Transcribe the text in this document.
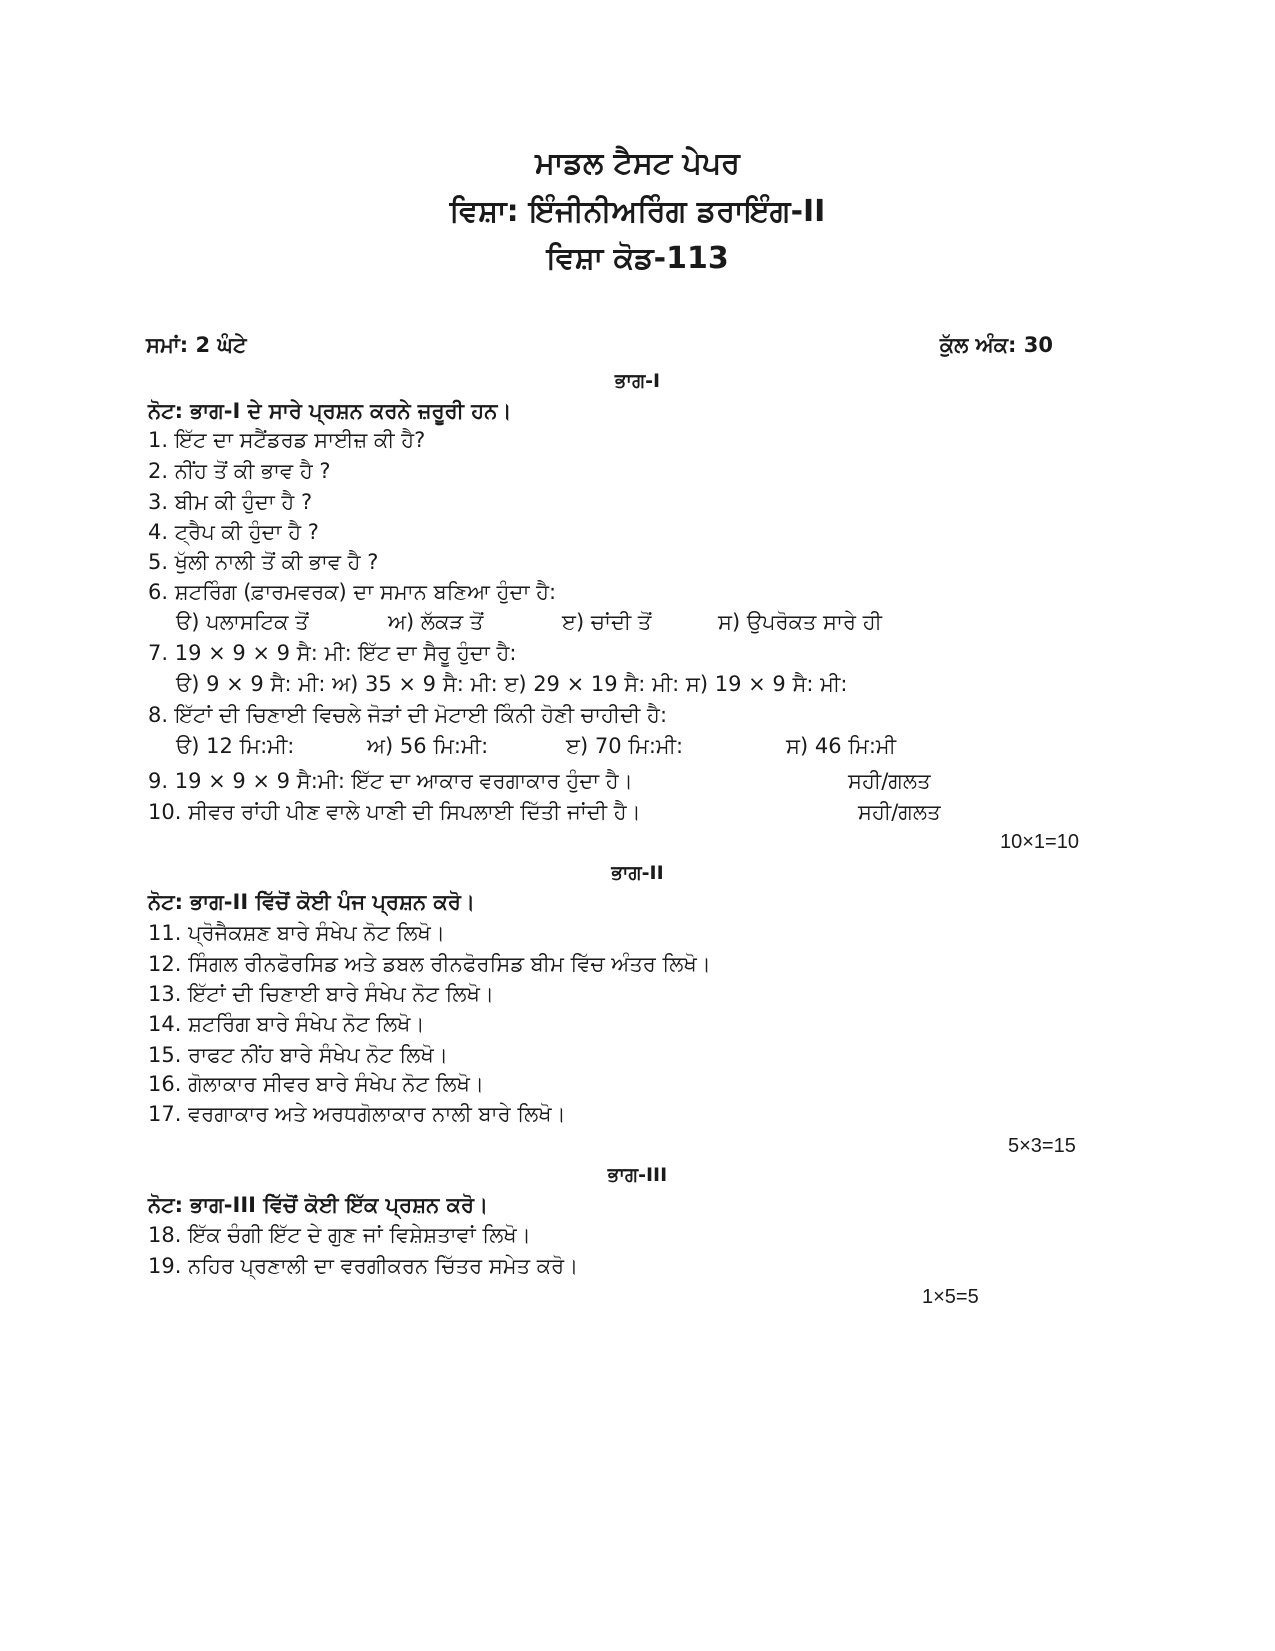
ਮਾਡਲ ਟੈਸਟ ਪੇਪਰ
ਵਿਸ਼ਾ: ਇੰਜੀਨੀਅਰਿੰਗ ਡਰਾਇੰਗ-II
ਵਿਸ਼ਾ ਕੋਡ-113
ਸਮਾਂ: 2 ਘੰਟੇ	ਕੁੱਲ ਅੰਕ: 30
ਭਾਗ-I
ਨੋਟ: ਭਾਗ-I ਦੇ ਸਾਰੇ ਪ੍ਰਸ਼ਨ ਕਰਨੇ ਜ਼ਰੂਰੀ ਹਨ।
1. ਇੱਟ ਦਾ ਸਟੈਂਡਰਡ ਸਾਈਜ਼ ਕੀ ਹੈ?
2. ਨੀਂਹ ਤੋਂ ਕੀ ਭਾਵ ਹੈ ?
3. ਬੀਮ ਕੀ ਹੁੰਦਾ ਹੈ ?
4. ਟ੍ਰੈਪ ਕੀ ਹੁੰਦਾ ਹੈ ?
5. ਖੁੱਲੀ ਨਾਲੀ ਤੋਂ ਕੀ ਭਾਵ ਹੈ ?
6. ਸ਼ਟਰਿੰਗ (ਫ਼ਾਰਮਵਰਕ) ਦਾ ਸਮਾਨ ਬਣਿਆ ਹੁੰਦਾ ਹੈ:
ੳ) ਪਲਾਸਟਿਕ ਤੋਂ	ਅ) ਲੱਕੜ ਤੋਂ	ੲ) ਚਾਂਦੀ ਤੋਂ	ਸ) ਉਪਰੋਕਤ ਸਾਰੇ ਹੀ
7. 19 × 9 × 9 ਸੈ: ਮੀ: ਇੱਟ ਦਾ ਸੈਰੂ ਹੁੰਦਾ ਹੈ:
ੳ) 9 × 9 ਸੈ: ਮੀ: ਅ) 35 × 9 ਸੈ: ਮੀ: ੲ) 29 × 19 ਸੈ: ਮੀ: ਸ) 19 × 9 ਸੈ: ਮੀ:
8. ਇੱਟਾਂ ਦੀ ਚਿਣਾਈ ਵਿਚਲੇ ਜੋੜਾਂ ਦੀ ਮੋਟਾਈ ਕਿੰਨੀ ਹੋਣੀ ਚਾਹੀਦੀ ਹੈ:
ੳ) 12 ਮਿ:ਮੀ:	ਅ) 56 ਮਿ:ਮੀ:	ੲ) 70 ਮਿ:ਮੀ:	ਸ) 46 ਮਿ:ਮੀ
9. 19 × 9 × 9 ਸੈ:ਮੀ: ਇੱਟ ਦਾ ਆਕਾਰ ਵਰਗਾਕਾਰ ਹੁੰਦਾ ਹੈ।	ਸਹੀ/ਗਲਤ
10. ਸੀਵਰ ਰਾਂਹੀ ਪੀਣ ਵਾਲੇ ਪਾਣੀ ਦੀ ਸਿਪਲਾਈ ਦਿੱਤੀ ਜਾਂਦੀ ਹੈ।	ਸਹੀ/ਗਲਤ
10×1=10
ਭਾਗ-II
ਨੋਟ: ਭਾਗ-II ਵਿੱਚੋਂ ਕੋਈ ਪੰਜ ਪ੍ਰਸ਼ਨ ਕਰੋ।
11. ਪ੍ਰੋਜੈਕਸ਼ਣ ਬਾਰੇ ਸੰਖੇਪ ਨੋਟ ਲਿਖੋ।
12. ਸਿੰਗਲ ਰੀਨਫੋਰਸਿਡ ਅਤੇ ਡਬਲ ਰੀਨਫੋਰਸਿਡ ਬੀਮ ਵਿੱਚ ਅੰਤਰ ਲਿਖੋ।
13. ਇੱਟਾਂ ਦੀ ਚਿਣਾਈ ਬਾਰੇ ਸੰਖੇਪ ਨੋਟ ਲਿਖੋ।
14. ਸ਼ਟਰਿੰਗ ਬਾਰੇ ਸੰਖੇਪ ਨੋਟ ਲਿਖੋ।
15. ਰਾਫਟ ਨੀਂਹ ਬਾਰੇ ਸੰਖੇਪ ਨੋਟ ਲਿਖੋ।
16. ਗੋਲਾਕਾਰ ਸੀਵਰ ਬਾਰੇ ਸੰਖੇਪ ਨੋਟ ਲਿਖੋ।
17. ਵਰਗਾਕਾਰ ਅਤੇ ਅਰਧਗੋਲਾਕਾਰ ਨਾਲੀ ਬਾਰੇ ਲਿਖੋ।
5×3=15
ਭਾਗ-III
ਨੋਟ: ਭਾਗ-III ਵਿੱਚੋਂ ਕੋਈ ਇੱਕ ਪ੍ਰਸ਼ਨ ਕਰੋ।
18. ਇੱਕ ਚੰਗੀ ਇੱਟ ਦੇ ਗੁਣ ਜਾਂ ਵਿਸ਼ੇਸ਼ਤਾਵਾਂ ਲਿਖੋ।
19. ਨਹਿਰ ਪ੍ਰਣਾਲੀ ਦਾ ਵਰਗੀਕਰਨ ਚਿੱਤਰ ਸਮੇਤ ਕਰੋ।
1×5=5
